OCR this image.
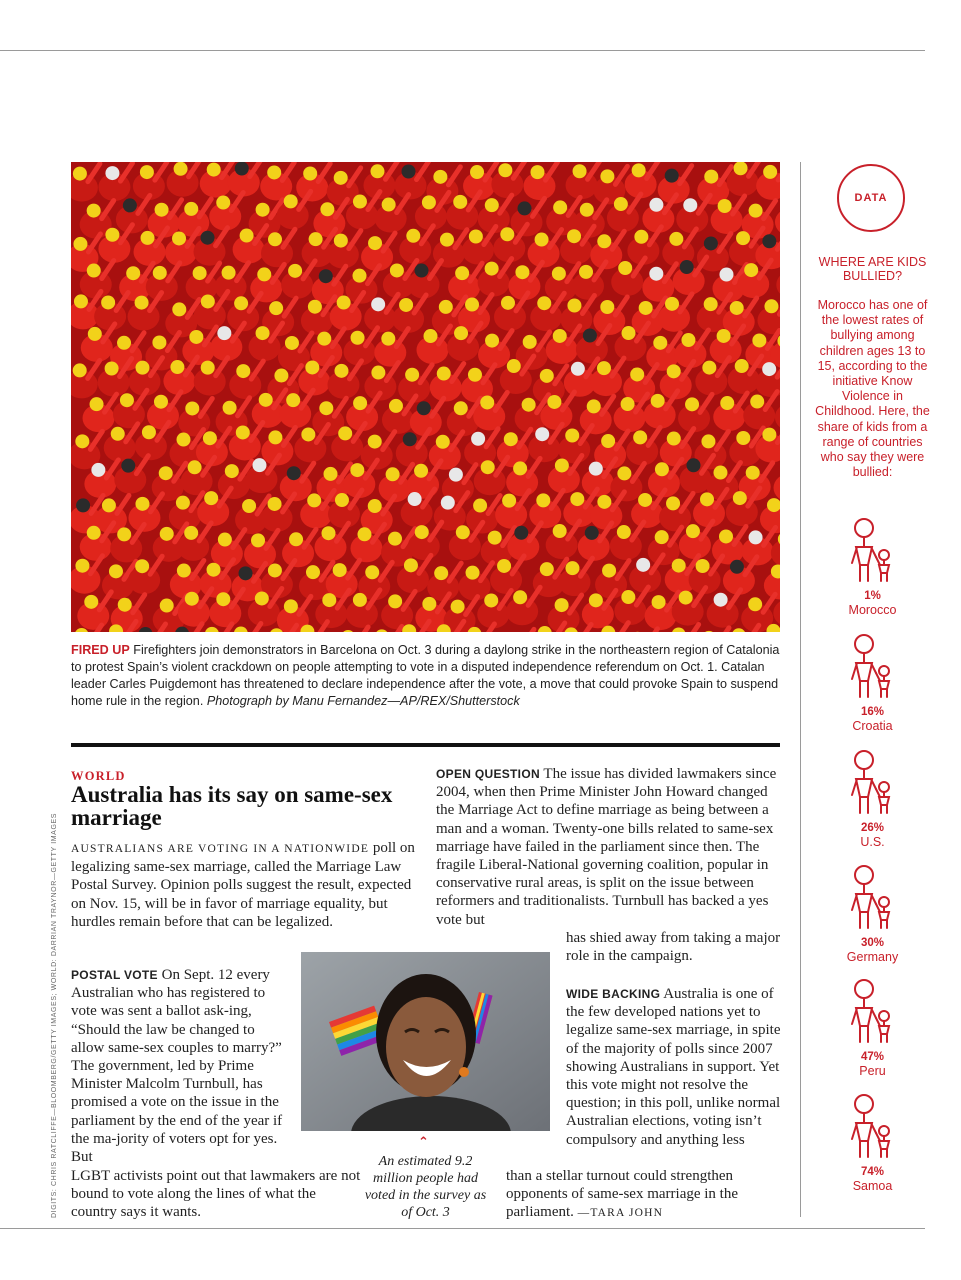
FIRED UP Firefighters join demonstrators in Barcelona on Oct. 3 during a daylong strike in the northeastern region of Catalonia to protest Spain’s violent crackdown on people attempting to vote in a disputed independence referendum on Oct. 1. Catalan leader Carles Puigdemont has threatened to declare independence after the vote, a move that could provoke Spain to suspend home rule in the region. Photograph by Manu Fernandez—AP/REX/Shutterstock
WORLD
Australia has its say on same-sex marriage
AUSTRALIANS ARE VOTING IN A NATIONWIDE poll on legalizing same-sex marriage, called the Marriage Law Postal Survey. Opinion polls suggest the result, expected on Nov. 15, will be in favor of marriage equality, but hurdles remain before that can be legalized.
POSTAL VOTE On Sept. 12 every Australian who has registered to vote was sent a ballot ask-ing, “Should the law be changed to allow same-sex couples to marry?” The government, led by Prime Minister Malcolm Turnbull, has promised a vote on the issue in the parliament by the end of the year if the ma-jority of voters opt for yes. But
LGBT activists point out that lawmakers are not bound to vote along the lines of what the country says it wants.
OPEN QUESTION The issue has divided lawmakers since 2004, when then Prime Minister John Howard changed the Marriage Act to define marriage as being between a man and a woman. Twenty-one bills related to same-sex marriage have failed in the parliament since then. The fragile Liberal-National governing coalition, popular in conservative rural areas, is split on the issue between reformers and traditionalists. Turnbull has backed a yes vote but
has shied away from taking a major role in the campaign.
WIDE BACKING Australia is one of the few developed nations yet to legalize same-sex marriage, in spite of the majority of polls since 2007 showing Australians in support. Yet this vote might not resolve the question; in this poll, unlike normal Australian elections, voting isn’t compulsory and anything less
than a stellar turnout could strengthen opponents of same-sex marriage in the parliament. —TARA JOHN
⌃
An estimated 9.2 million people had voted in the survey as of Oct. 3
DIGITS: CHRIS RATCLIFFE—BLOOMBERG/GETTY IMAGES; WORLD: DARRIAN TRAYNOR—GETTY IMAGES
DATA
WHERE ARE KIDS BULLIED?
Morocco has one of the lowest rates of bullying among children ages 13 to 15, according to the initiative Know Violence in Childhood. Here, the share of kids from a range of countries who say they were bullied:
1%
Morocco
16%
Croatia
26%
U.S.
30%
Germany
47%
Peru
74%
Samoa
